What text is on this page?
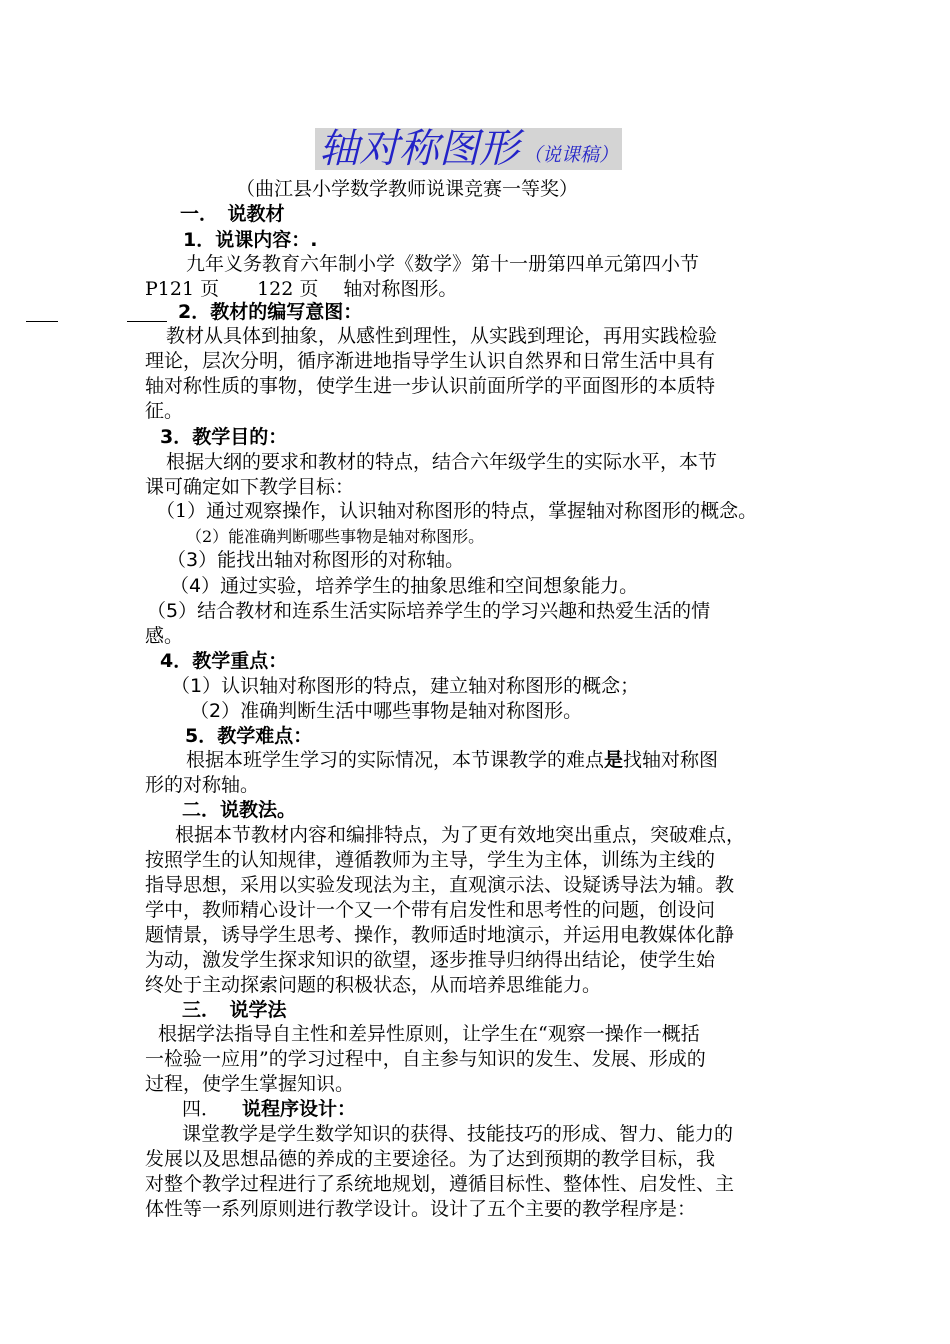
轴对称图形 （说课稿）
（曲江县小学数学教师说课竞赛一等奖）
一．　说教材
1．说课内容：.
九年义务教育六年制小学《数学》第十一册第四单元第四小节
P121 页　　122 页　 轴对称图形。
2．教材的编写意图：
教材从具体到抽象，从感性到理性，从实践到理论，再用实践检验
理论，层次分明，循序渐进地指导学生认识自然界和日常生活中具有
轴对称性质的事物，使学生进一步认识前面所学的平面图形的本质特
征。
3．教学目的：
根据大纲的要求和教材的特点，结合六年级学生的实际水平，本节
课可确定如下教学目标：
（1）通过观察操作，认识轴对称图形的特点，掌握轴对称图形的概念。
（2）能准确判断哪些事物是轴对称图形。
（3）能找出轴对称图形的对称轴。
（4）通过实验，培养学生的抽象思维和空间想象能力。
（5）结合教材和连系生活实际培养学生的学习兴趣和热爱生活的情
感。
4．教学重点：
（1）认识轴对称图形的特点，建立轴对称图形的概念；
（2）准确判断生活中哪些事物是轴对称图形。
5．教学难点：
根据本班学生学习的实际情况，本节课教学的难点是找轴对称图
形的对称轴。
二．说教法。
根据本节教材内容和编排特点，为了更有效地突出重点，突破难点，
按照学生的认知规律，遵循教师为主导，学生为主体，训练为主线的
指导思想，采用以实验发现法为主，直观演示法、设疑诱导法为辅。教
学中，教师精心设计一个又一个带有启发性和思考性的问题，创设问
题情景，诱导学生思考、操作，教师适时地演示，并运用电教媒体化静
为动，激发学生探求知识的欲望，逐步推导归纳得出结论，使学生始
终处于主动探索问题的积极状态，从而培养思维能力。
三．　说学法
根据学法指导自主性和差异性原则，让学生在“观察一操作一概括
一检验一应用”的学习过程中，自主参与知识的发生、发展、形成的
过程，使学生掌握知识。
四． 说程序设计：
课堂教学是学生数学知识的获得、技能技巧的形成、智力、能力的
发展以及思想品德的养成的主要途径。为了达到预期的教学目标，我
对整个教学过程进行了系统地规划，遵循目标性、整体性、启发性、主
体性等一系列原则进行教学设计。设计了五个主要的教学程序是：
